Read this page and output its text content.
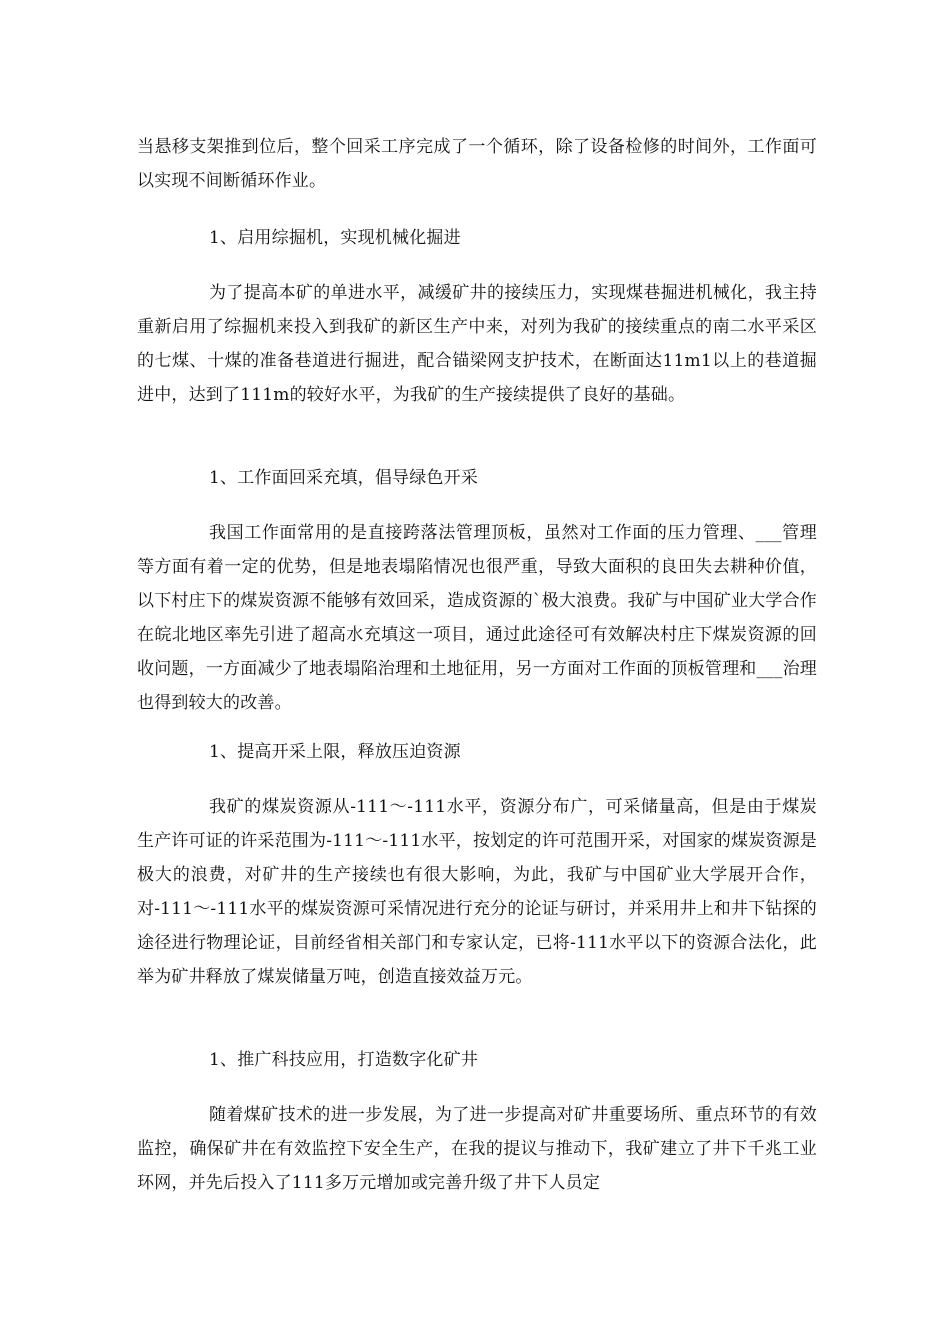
当悬移支架推到位后，整个回采工序完成了一个循环，除了设备检修的时间外，工作面可以实现不间断循环作业。
1、启用综掘机，实现机械化掘进
为了提高本矿的单进水平，减缓矿井的接续压力，实现煤巷掘进机械化，我主持重新启用了综掘机来投入到我矿的新区生产中来，对列为我矿的接续重点的南二水平采区的七煤、十煤的准备巷道进行掘进，配合锚梁网支护技术，在断面达11m1以上的巷道掘进中，达到了111m的较好水平，为我矿的生产接续提供了良好的基础。
1、工作面回采充填，倡导绿色开采
我国工作面常用的是直接跨落法管理顶板，虽然对工作面的压力管理、___管理等方面有着一定的优势，但是地表塌陷情况也很严重，导致大面积的良田失去耕种价值，以下村庄下的煤炭资源不能够有效回采，造成资源的`极大浪费。我矿与中国矿业大学合作在皖北地区率先引进了超高水充填这一项目，通过此途径可有效解决村庄下煤炭资源的回收问题，一方面减少了地表塌陷治理和土地征用，另一方面对工作面的顶板管理和___治理也得到较大的改善。
1、提高开采上限，释放压迫资源
我矿的煤炭资源从-111～-111水平，资源分布广，可采储量高，但是由于煤炭生产许可证的许采范围为-111～-111水平，按划定的许可范围开采，对国家的煤炭资源是极大的浪费，对矿井的生产接续也有很大影响，为此，我矿与中国矿业大学展开合作，对-111～-111水平的煤炭资源可采情况进行充分的论证与研讨，并采用井上和井下钻探的途径进行物理论证，目前经省相关部门和专家认定，已将-111水平以下的资源合法化，此举为矿井释放了煤炭储量万吨，创造直接效益万元。
1、推广科技应用，打造数字化矿井
随着煤矿技术的进一步发展，为了进一步提高对矿井重要场所、重点环节的有效监控，确保矿井在有效监控下安全生产，在我的提议与推动下，我矿建立了井下千兆工业环网，并先后投入了111多万元增加或完善升级了井下人员定
